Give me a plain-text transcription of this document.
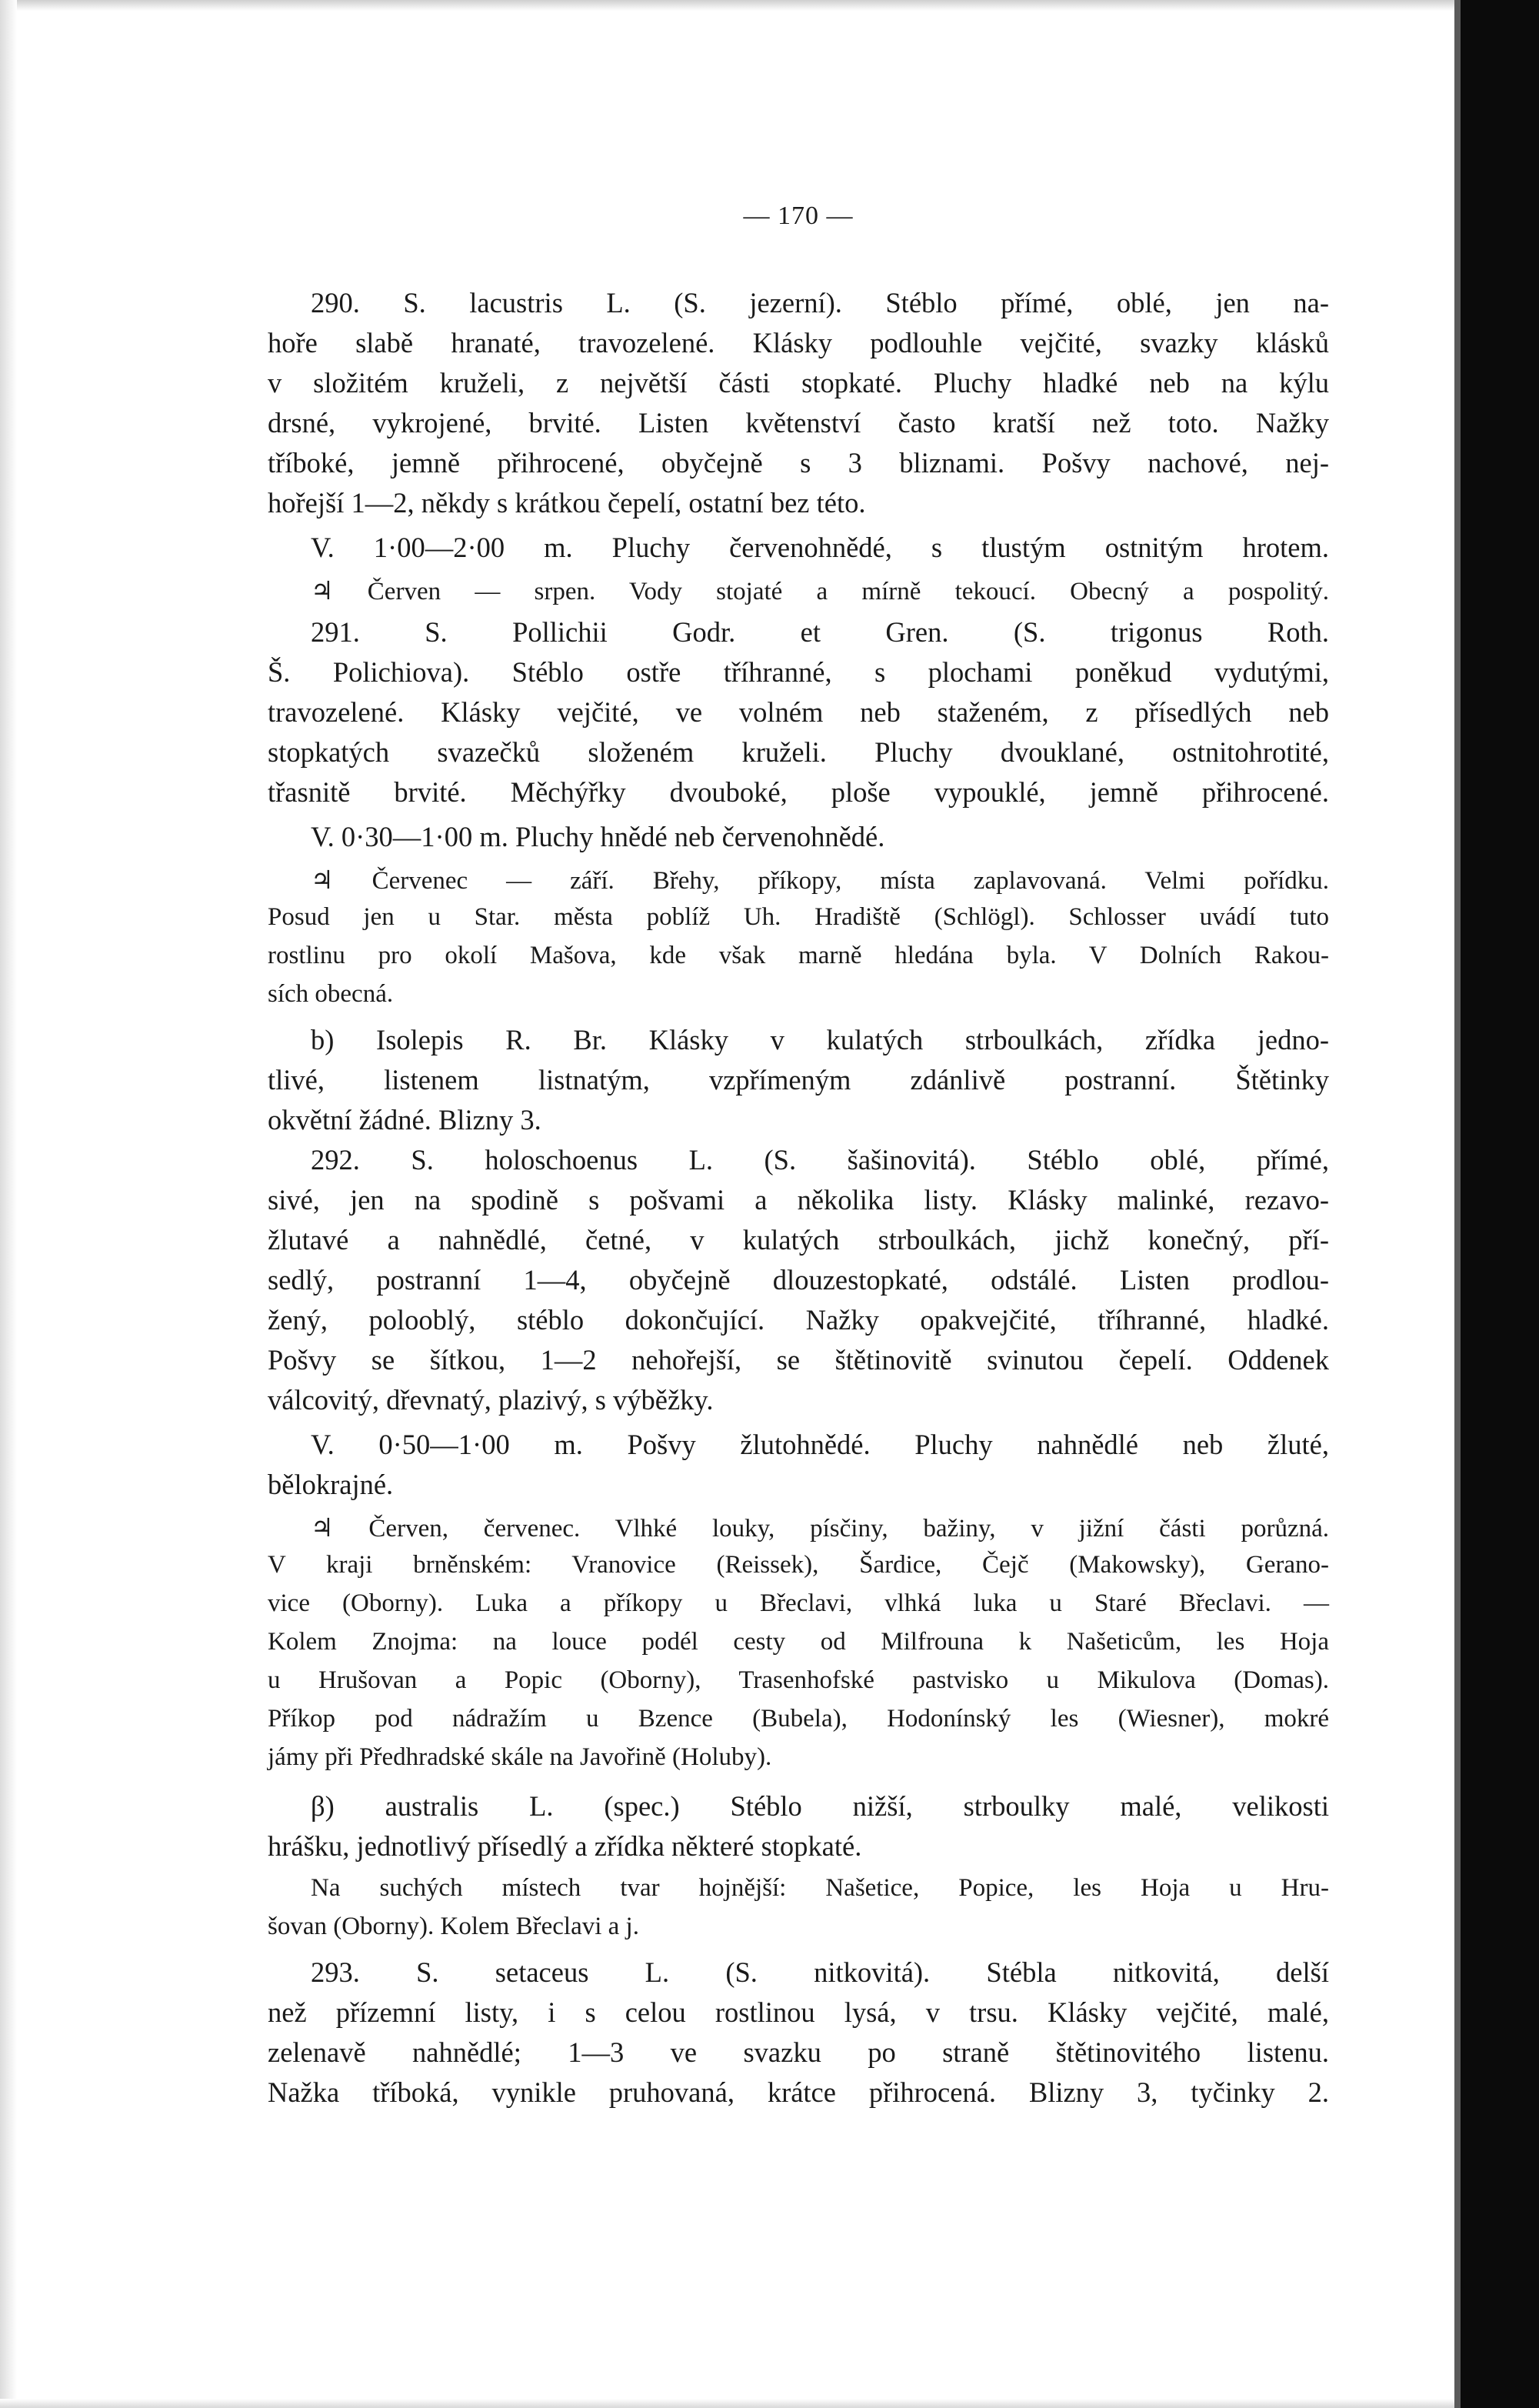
— 170 —
290. S. lacustris L. (S. jezerní). Stéblo přímé, oblé, jen na-
hoře slabě hranaté, travozelené. Klásky podlouhle vejčité, svazky klásků
v složitém kruželi, z největší části stopkaté. Pluchy hladké neb na kýlu
drsné, vykrojené, brvité. Listen květenství často kratší než toto. Nažky
tříboké, jemně přihrocené, obyčejně s 3 bliznami. Pošvy nachové, nej-
hořejší 1—2, někdy s krátkou čepelí, ostatní bez této.
V. 1·00—2·00 m. Pluchy červenohnědé, s tlustým ostnitým hrotem.
♃ Červen — srpen. Vody stojaté a mírně tekoucí. Obecný a pospolitý.
291. S. Pollichii Godr. et Gren. (S. trigonus Roth.
Š. Polichiova). Stéblo ostře tříhranné, s plochami poněkud vydutými,
travozelené. Klásky vejčité, ve volném neb staženém, z přísedlých neb
stopkatých svazečků složeném kruželi. Pluchy dvouklané, ostnitohrotité,
třasnitě brvité. Měchýřky dvouboké, ploše vypouklé, jemně přihrocené.
V. 0·30—1·00 m. Pluchy hnědé neb červenohnědé.
♃ Červenec — září. Břehy, příkopy, místa zaplavovaná. Velmi pořídku.
Posud jen u Star. města poblíž Uh. Hradiště (Schlögl). Schlosser uvádí tuto
rostlinu pro okolí Mašova, kde však marně hledána byla. V Dolních Rakou-
sích obecná.
b) Isolepis R. Br. Klásky v kulatých strboulkách, zřídka jedno-
tlivé, listenem listnatým, vzpřímeným zdánlivě postranní. Štětinky
okvětní žádné. Blizny 3.
292. S. holoschoenus L. (S. šašinovitá). Stéblo oblé, přímé,
sivé, jen na spodině s pošvami a několika listy. Klásky malinké, rezavo-
žlutavé a nahnědlé, četné, v kulatých strboulkách, jichž konečný, pří-
sedlý, postranní 1—4, obyčejně dlouzestopkaté, odstálé. Listen prodlou-
žený, polooblý, stéblo dokončující. Nažky opakvejčité, tříhranné, hladké.
Pošvy se šítkou, 1—2 nehořejší, se štětinovitě svinutou čepelí. Oddenek
válcovitý, dřevnatý, plazivý, s výběžky.
V. 0·50—1·00 m. Pošvy žlutohnědé. Pluchy nahnědlé neb žluté,
bělokrajné.
♃ Červen, červenec. Vlhké louky, písčiny, bažiny, v jižní části porůzná.
V kraji brněnském: Vranovice (Reissek), Šardice, Čejč (Makowsky), Gerano-
vice (Oborny). Luka a příkopy u Břeclavi, vlhká luka u Staré Břeclavi. —
Kolem Znojma: na louce podél cesty od Milfrouna k Našeticům, les Hoja
u Hrušovan a Popic (Oborny), Trasenhofské pastvisko u Mikulova (Domas).
Příkop pod nádražím u Bzence (Bubela), Hodonínský les (Wiesner), mokré
jámy při Předhradské skále na Javořině (Holuby).
β) australis L. (spec.) Stéblo nižší, strboulky malé, velikosti
hrášku, jednotlivý přísedlý a zřídka některé stopkaté.
Na suchých místech tvar hojnější: Našetice, Popice, les Hoja u Hru-
šovan (Oborny). Kolem Břeclavi a j.
293. S. setaceus L. (S. nitkovitá). Stébla nitkovitá, delší
než přízemní listy, i s celou rostlinou lysá, v trsu. Klásky vejčité, malé,
zelenavě nahnědlé; 1—3 ve svazku po straně štětinovitého listenu.
Nažka tříboká, vynikle pruhovaná, krátce přihrocená. Blizny 3, tyčinky 2.
